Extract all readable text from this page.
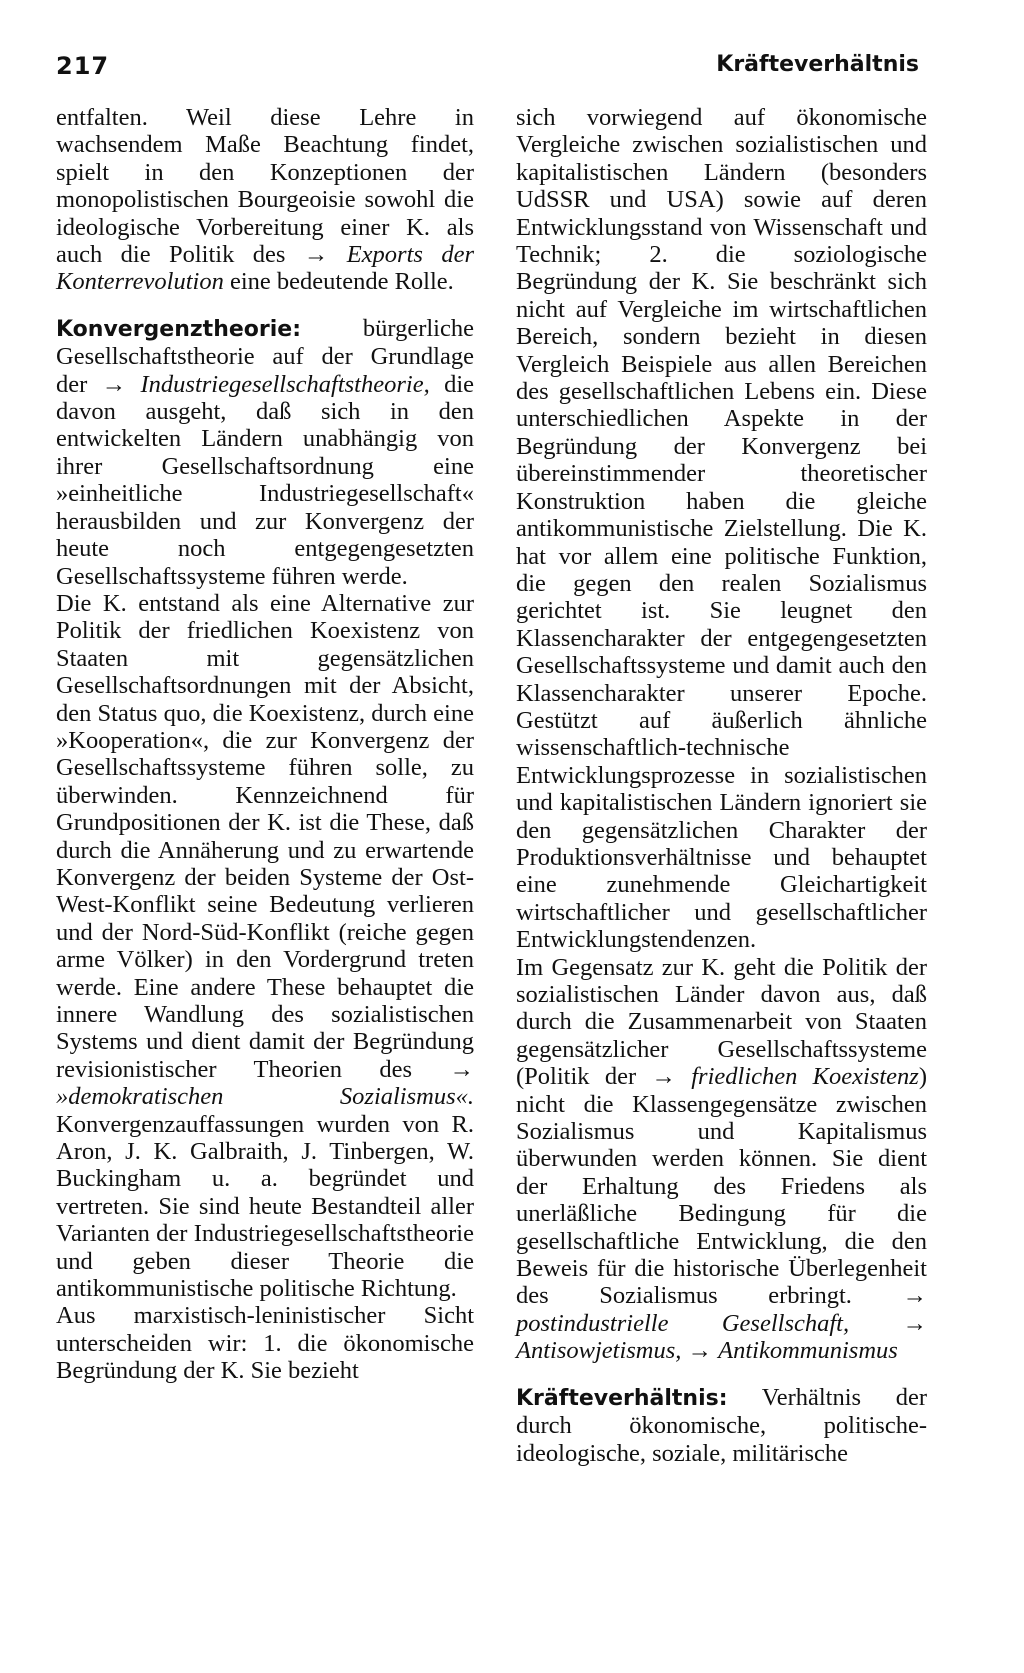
217	Kräfteverhältnis

entfalten. Weil diese Lehre in wachsendem Maße Beachtung findet, spielt in den Konzeptionen der monopolistischen Bourgeoisie sowohl die ideologische Vorbereitung einer K. als auch die Politik des → Exports der Konterrevolution eine bedeutende Rolle.

Konvergenztheorie:	bürgerliche Gesellschaftstheorie auf der Grundlage der → Industriegesellschaftstheorie, die davon ausgeht, daß sich in den entwickelten Ländern unabhängig von ihrer Gesellschaftsordnung eine »einheitliche Industriegesellschaft« herausbilden und zur Konvergenz der heute noch entgegengesetzten Gesellschaftssysteme führen werde.

Die K. entstand als eine Alternative zur Politik der friedlichen Koexistenz von Staaten mit gegensätzlichen Gesellschaftsordnungen mit der Absicht, den Status quo, die Koexistenz, durch eine »Kooperation«, die zur Konvergenz der Gesellschaftssysteme führen solle, zu überwinden. Kennzeichnend für Grundpositionen der K. ist die These, daß durch die Annäherung und zu erwartende Konvergenz der beiden Systeme der Ost-West-Konflikt seine Bedeutung verlieren und der Nord-Süd-Konflikt (reiche gegen arme Völker) in den Vordergrund treten werde. Eine andere These behauptet die innere Wandlung des sozialistischen Systems und dient damit der Begründung revisionistischer Theorien des → »demokratischen Sozialismus«. Konvergenzauffassungen wurden von R. Aron, J. K. Galbraith, J. Tinbergen, W. Buckingham u. a. begründet und vertreten. Sie sind heute Bestandteil aller Varianten der Industriegesellschaftstheorie und geben dieser Theorie die antikommunistische politische Richtung.

Aus marxistisch-leninistischer Sicht unterscheiden wir: 1. die ökonomische Begründung der K. Sie bezieht

sich vorwiegend auf ökonomische Vergleiche zwischen sozialistischen und kapitalistischen Ländern (besonders UdSSR und USA) sowie auf deren Entwicklungsstand von Wissenschaft und Technik; 2. die soziologische Begründung der K. Sie beschränkt sich nicht auf Vergleiche im wirtschaftlichen Bereich, sondern bezieht in diesen Vergleich Beispiele aus allen Bereichen des gesellschaftlichen Lebens ein. Diese unterschiedlichen Aspekte in der Begründung der Konvergenz bei übereinstimmender theoretischer Konstruktion haben die gleiche antikommunistische Zielstellung. Die K. hat vor allem eine politische Funktion, die gegen den realen Sozialismus gerichtet ist. Sie leugnet den Klassencharakter der entgegengesetzten Gesellschaftssysteme und damit auch den Klassencharakter unserer Epoche. Gestützt auf äußerlich ähnliche wissenschaftlich-technische Entwicklungsprozesse in sozialistischen und kapitalistischen Ländern ignoriert sie den gegensätzlichen Charakter der Produktionsverhältnisse und behauptet eine zunehmende Gleichartigkeit wirtschaftlicher und gesellschaftlicher Entwicklungstendenzen.

Im Gegensatz zur K. geht die Politik der sozialistischen Länder davon aus, daß durch die Zusammenarbeit von Staaten gegensätzlicher Gesellschaftssysteme (Politik der → friedlichen Koexistenz) nicht die Klassengegensätze zwischen Sozialismus und Kapitalismus überwunden werden können. Sie dient der Erhaltung des Friedens als unerläßliche Bedingung für die gesellschaftliche Entwicklung, die den Beweis für die historische Überlegenheit des Sozialismus erbringt. → postindustrielle Gesellschaft, → Antisowjetismus, → Antikommunismus

Kräfteverhältnis: Verhältnis der durch ökonomische, politische-ideologische, soziale, militärische
